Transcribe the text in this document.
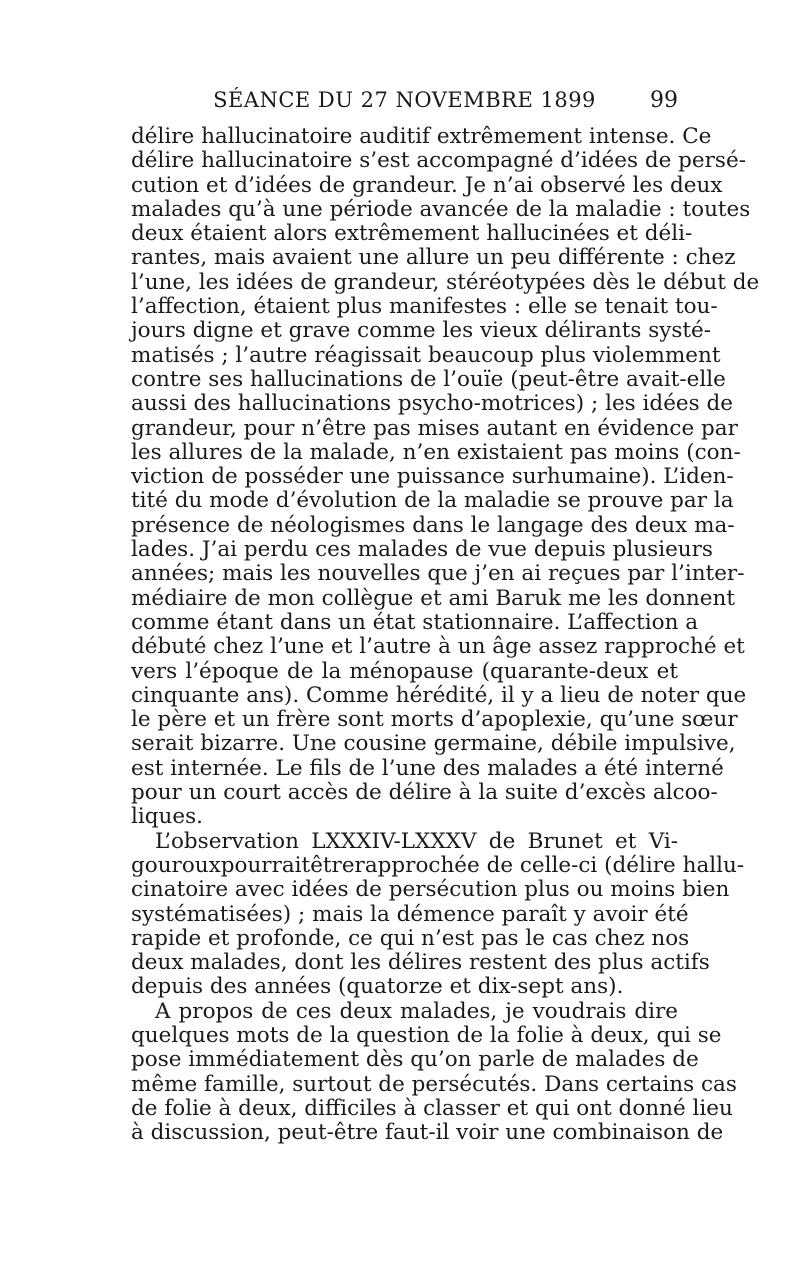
SÉANCE DU 27 NOVEMBRE 1899	99
délire hallucinatoire auditif extrêmement intense. Ce
délire hallucinatoire s’est accompagné d’idées de persé-
cution et d’idées de grandeur. Je n’ai observé les deux
malades qu’à une période avancée de la maladie : toutes
deux étaient alors extrêmement hallucinées et déli-
rantes, mais avaient une allure un peu différente : chez
l’une, les idées de grandeur, stéréotypées dès le début de
l’affection, étaient plus manifestes : elle se tenait tou-
jours digne et grave comme les vieux délirants systé-
matisés ; l’autre réagissait beaucoup plus violemment
contre ses hallucinations de l’ouïe (peut-être avait-elle
aussi des hallucinations psycho-motrices) ; les idées de
grandeur, pour n’être pas mises autant en évidence par
les allures de la malade, n’en existaient pas moins (con-
viction de posséder une puissance surhumaine). L’iden-
tité du mode d’évolution de la maladie se prouve par la
présence de néologismes dans le langage des deux ma-
lades. J’ai perdu ces malades de vue depuis plusieurs
années; mais les nouvelles que j’en ai reçues par l’inter-
médiaire de mon collègue et ami Baruk me les donnent
comme étant dans un état stationnaire. L’affection a
débuté chez l’une et l’autre à un âge assez rapproché et
vers l’époque de la ménopause (quarante-deux et
cinquante ans). Comme hérédité, il y a lieu de noter que
le père et un frère sont morts d’apoplexie, qu’une sœur
serait bizarre. Une cousine germaine, débile impulsive,
est internée. Le fils de l’une des malades a été interné
pour un court accès de délire à la suite d’excès alcoo-
liques.
L’observation LXXXIV-LXXXV de Brunet et Vi-
gourouxpourraitêtrerapprochée de celle-ci (délire hallu-
cinatoire avec idées de persécution plus ou moins bien
systématisées) ; mais la démence paraît y avoir été
rapide et profonde, ce qui n’est pas le cas chez nos
deux malades, dont les délires restent des plus actifs
depuis des années (quatorze et dix-sept ans).
A propos de ces deux malades, je voudrais dire
quelques mots de la question de la folie à deux, qui se
pose immédiatement dès qu’on parle de malades de
même famille, surtout de persécutés. Dans certains cas
de folie à deux, difficiles à classer et qui ont donné lieu
à discussion, peut-être faut-il voir une combinaison de
